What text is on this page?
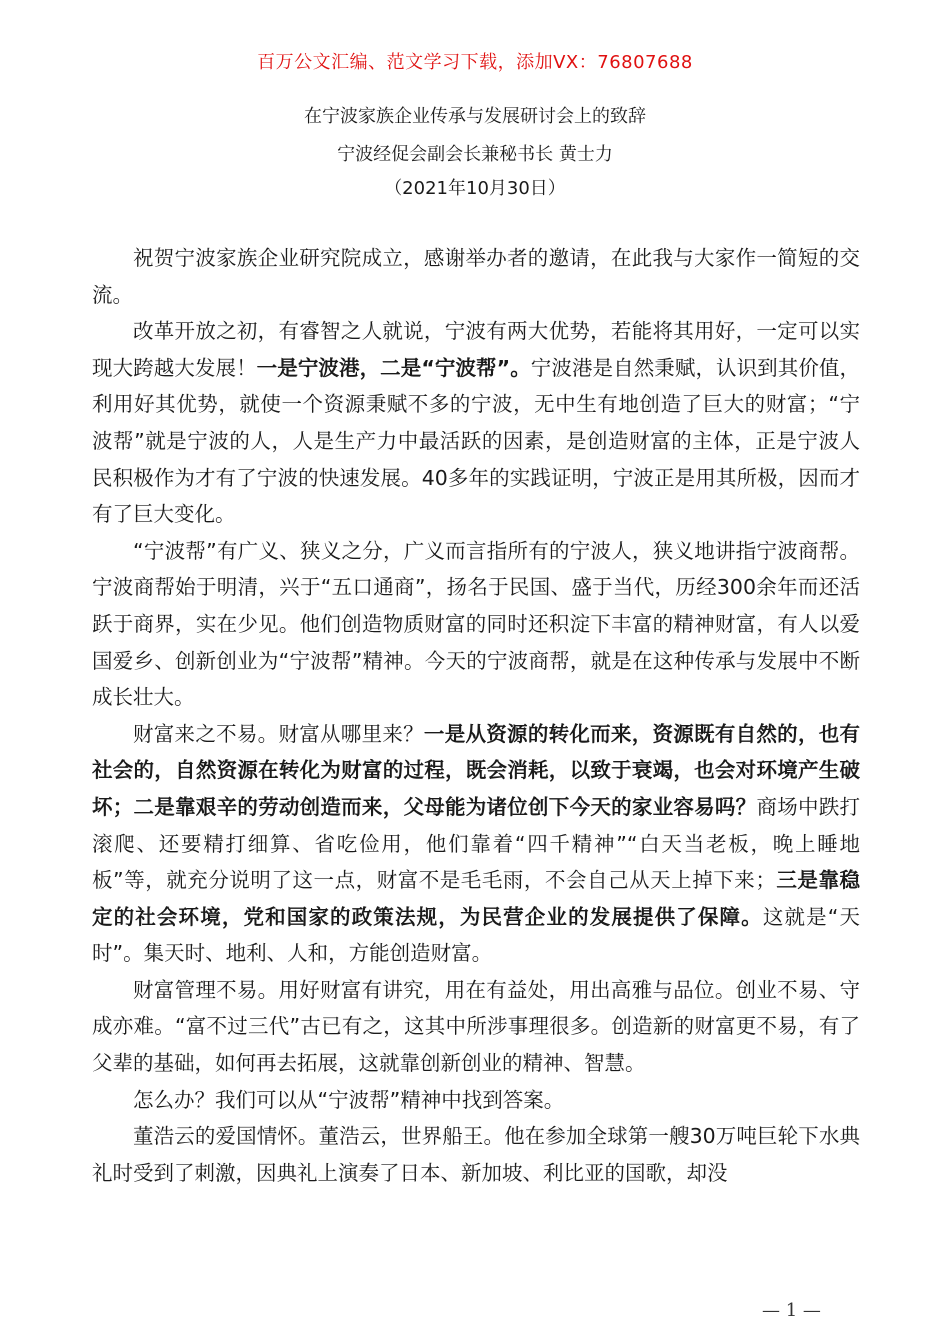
百万公文汇编、范文学习下载，添加VX：76807688
在宁波家族企业传承与发展研讨会上的致辞
宁波经促会副会长兼秘书长 黄士力
（2021年10月30日）

祝贺宁波家族企业研究院成立，感谢举办者的邀请，在此我与大家作一简短的交流。

改革开放之初，有睿智之人就说，宁波有两大优势，若能将其用好，一定可以实现大跨越大发展！一是宁波港，二是“宁波帮”。宁波港是自然秉赋，认识到其价值，利用好其优势，就使一个资源秉赋不多的宁波，无中生有地创造了巨大的财富；“宁波帮”就是宁波的人，人是生产力中最活跃的因素，是创造财富的主体，正是宁波人民积极作为才有了宁波的快速发展。40多年的实践证明，宁波正是用其所极，因而才有了巨大变化。

“宁波帮”有广义、狭义之分，广义而言指所有的宁波人，狭义地讲指宁波商帮。宁波商帮始于明清，兴于“五口通商”，扬名于民国、盛于当代，历经300余年而还活跃于商界，实在少见。他们创造物质财富的同时还积淀下丰富的精神财富，有人以爱国爱乡、创新创业为“宁波帮”精神。今天的宁波商帮，就是在这种传承与发展中不断成长壮大。

财富来之不易。财富从哪里来？一是从资源的转化而来，资源既有自然的，也有社会的，自然资源在转化为财富的过程，既会消耗，以致于衰竭，也会对环境产生破坏；二是靠艰辛的劳动创造而来，父母能为诸位创下今天的家业容易吗？商场中跌打滚爬、还要精打细算、省吃俭用，他们靠着“四千精神”“白天当老板，晚上睡地板”等，就充分说明了这一点，财富不是毛毛雨，不会自己从天上掉下来；三是靠稳定的社会环境，党和国家的政策法规，为民营企业的发展提供了保障。这就是“天时”。集天时、地利、人和，方能创造财富。

财富管理不易。用好财富有讲究，用在有益处，用出高雅与品位。创业不易、守成亦难。“富不过三代”古已有之，这其中所涉事理很多。创造新的财富更不易，有了父辈的基础，如何再去拓展，这就靠创新创业的精神、智慧。

怎么办？我们可以从“宁波帮”精神中找到答案。

董浩云的爱国情怀。董浩云，世界船王。他在参加全球第一艘30万吨巨轮下水典礼时受到了刺激，因典礼上演奏了日本、新加坡、利比亚的国歌，却没

— 1 —
